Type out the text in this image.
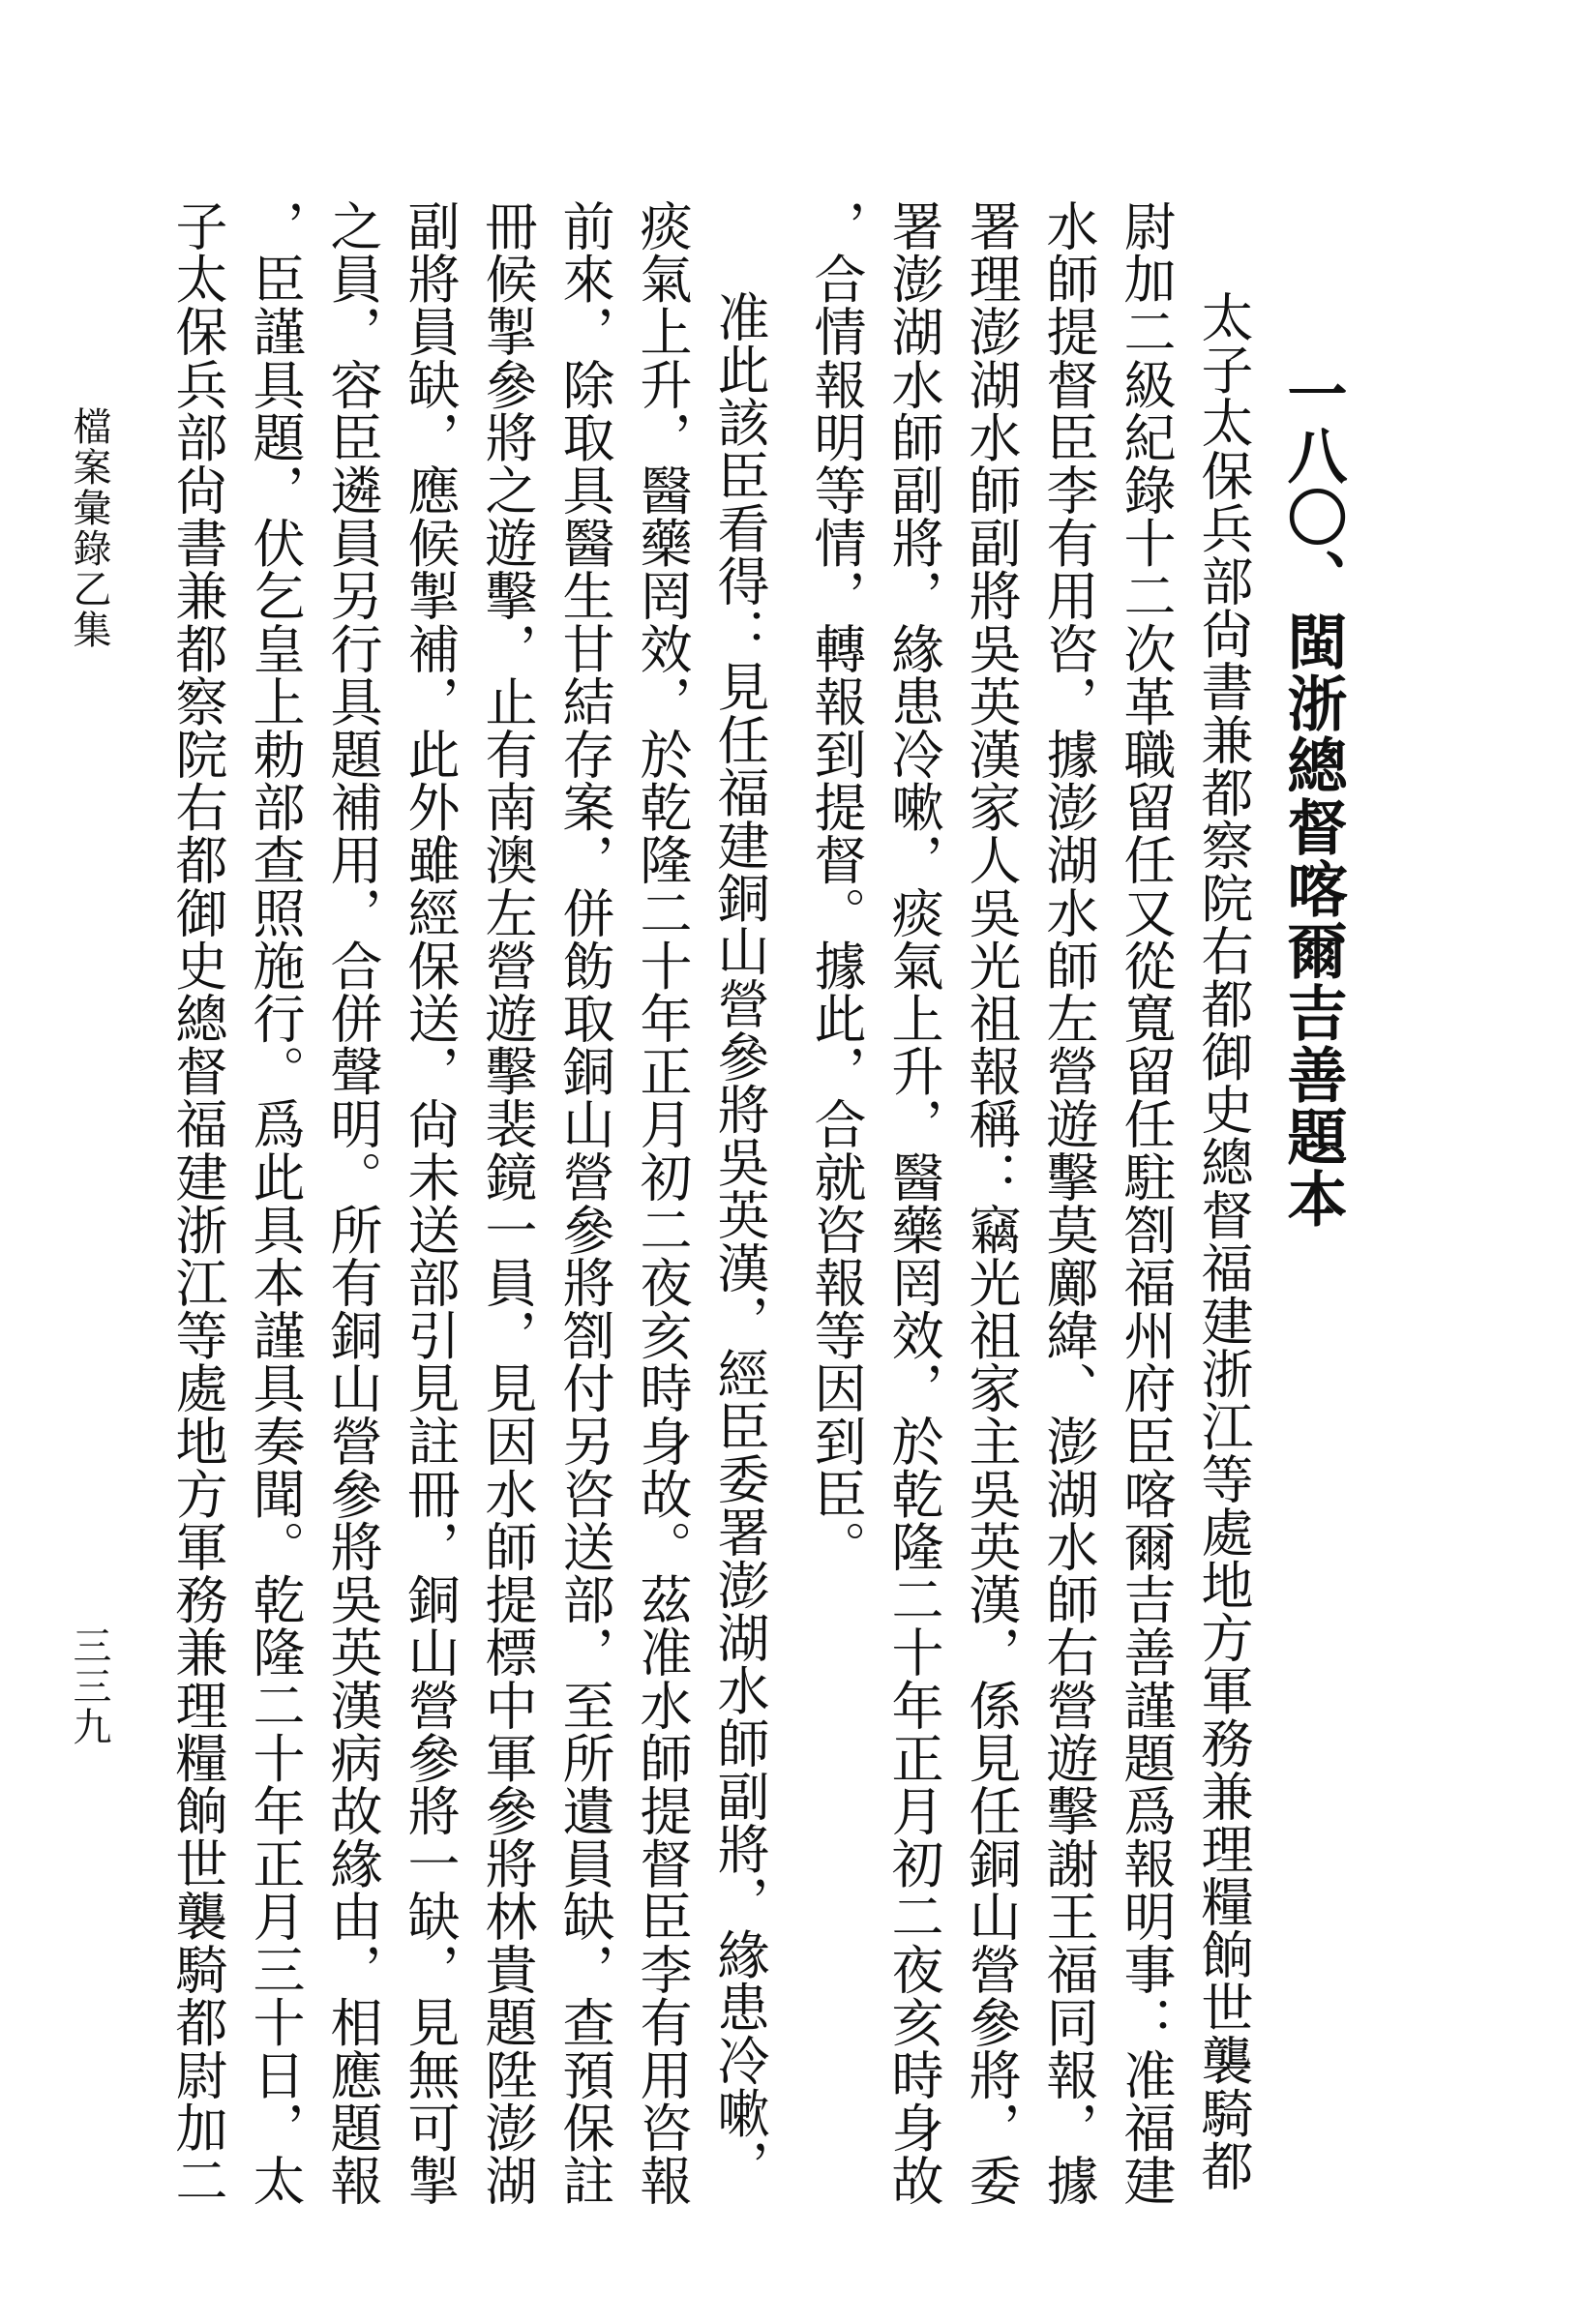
一八〇、閩浙總督喀爾吉善題本
太子太保兵部尙書兼都察院右都御史總督福建浙江等處地方軍務兼理糧餉世襲騎都
尉加二級紀錄十二次革職留任又從寬留任駐劄福州府臣喀爾吉善謹題爲報明事：准福建
水師提督臣李有用咨，據澎湖水師左營遊擊莫鄺緯、澎湖水師右營遊擊謝王福同報，據
署理澎湖水師副將吳英漢家人吳光祖報稱：竊光祖家主吳英漢，係見任銅山營參將，委
署澎湖水師副將，緣患冷嗽，痰氣上升，醫藥罔效，於乾隆二十年正月初二夜亥時身故
，合情報明等情，轉報到提督。據此，合就咨報等因到臣。
准此該臣看得：見任福建銅山營參將吳英漢，經臣委署澎湖水師副將，緣患冷嗽，
痰氣上升，醫藥罔效，於乾隆二十年正月初二夜亥時身故。茲准水師提督臣李有用咨報
前來，除取具醫生甘結存案，併飭取銅山營參將劄付另咨送部，至所遺員缺，查預保註
冊候掣參將之遊擊，止有南澳左營遊擊裴鏡一員，見因水師提標中軍參將林貴題陞澎湖
副將員缺，應候掣補，此外雖經保送，尙未送部引見註冊，銅山營參將一缺，見無可掣
之員，容臣遴員另行具題補用，合併聲明。所有銅山營參將吳英漢病故緣由，相應題報
，臣謹具題，伏乞皇上勅部查照施行。爲此具本謹具奏聞。乾隆二十年正月三十日，太
子太保兵部尙書兼都察院右都御史總督福建浙江等處地方軍務兼理糧餉世襲騎都尉加二
檔案彙錄乙集
三三九
